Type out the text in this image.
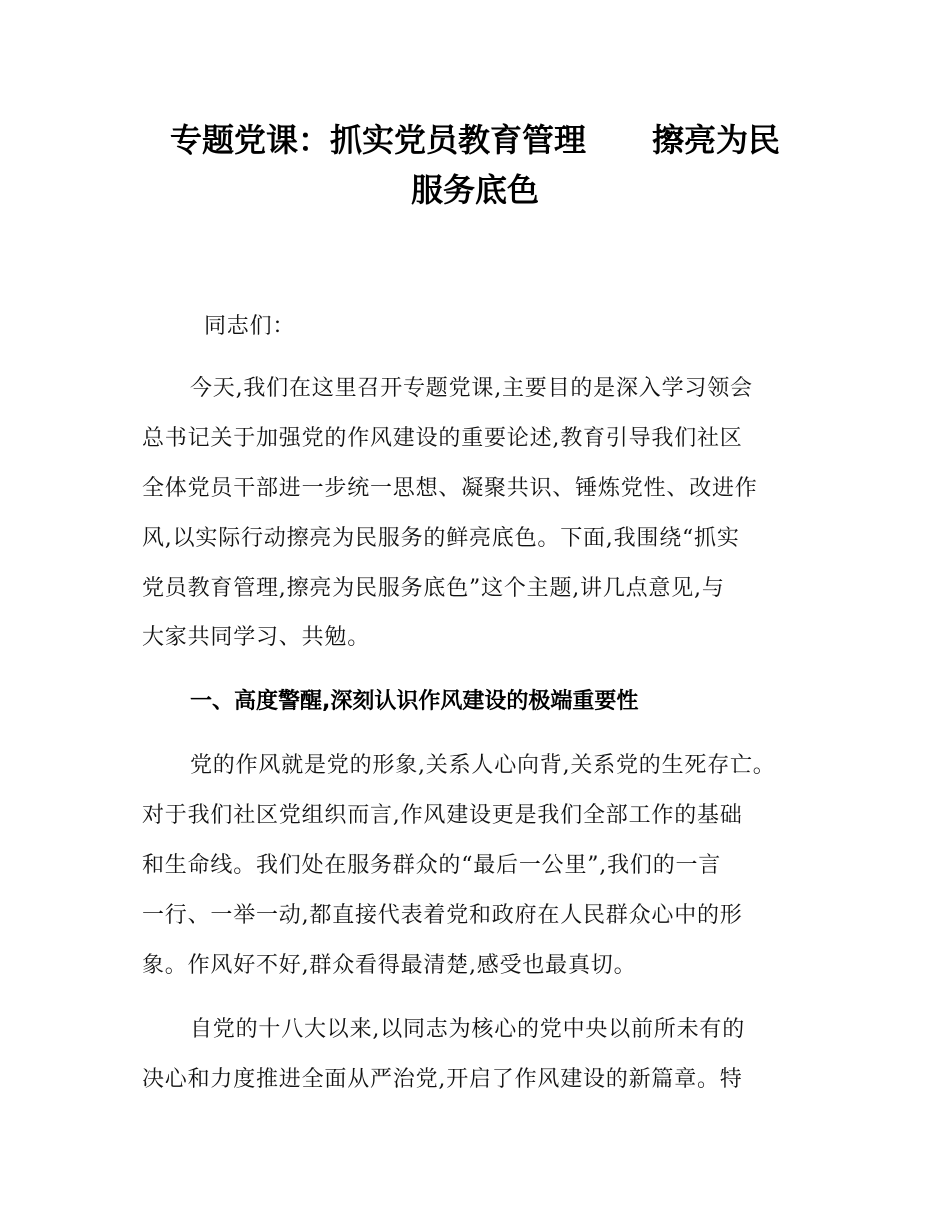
专题党课：抓实党员教育管理 擦亮为民
服务底色

同志们：

今天,我们在这里召开专题党课,主要目的是深入学习领会

总书记关于加强党的作风建设的重要论述,教育引导我们社区

全体党员干部进一步统一思想、凝聚共识、锤炼党性、改进作

风,以实际行动擦亮为民服务的鲜亮底色。下面,我围绕“抓实

党员教育管理,擦亮为民服务底色”这个主题,讲几点意见,与

大家共同学习、共勉。

一、高度警醒,深刻认识作风建设的极端重要性

党的作风就是党的形象,关系人心向背,关系党的生死存亡。

对于我们社区党组织而言,作风建设更是我们全部工作的基础

和生命线。我们处在服务群众的“最后一公里”,我们的一言

一行、一举一动,都直接代表着党和政府在人民群众心中的形

象。作风好不好,群众看得最清楚,感受也最真切。

自党的十八大以来,以同志为核心的党中央以前所未有的

决心和力度推进全面从严治党,开启了作风建设的新篇章。特
